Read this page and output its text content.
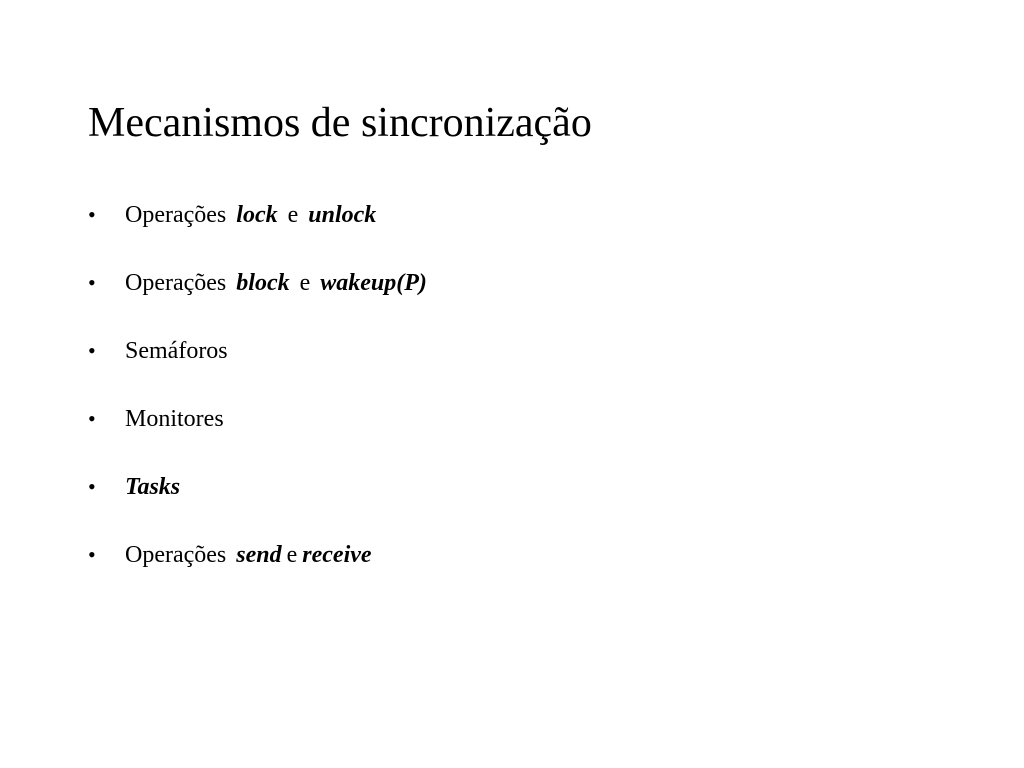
Mecanismos de sincronização
•	Operações lock e unlock
•	Operações block e wakeup(P)
•	Semáforos
•	Monitores
•	Tasks
•	Operações send e receive
